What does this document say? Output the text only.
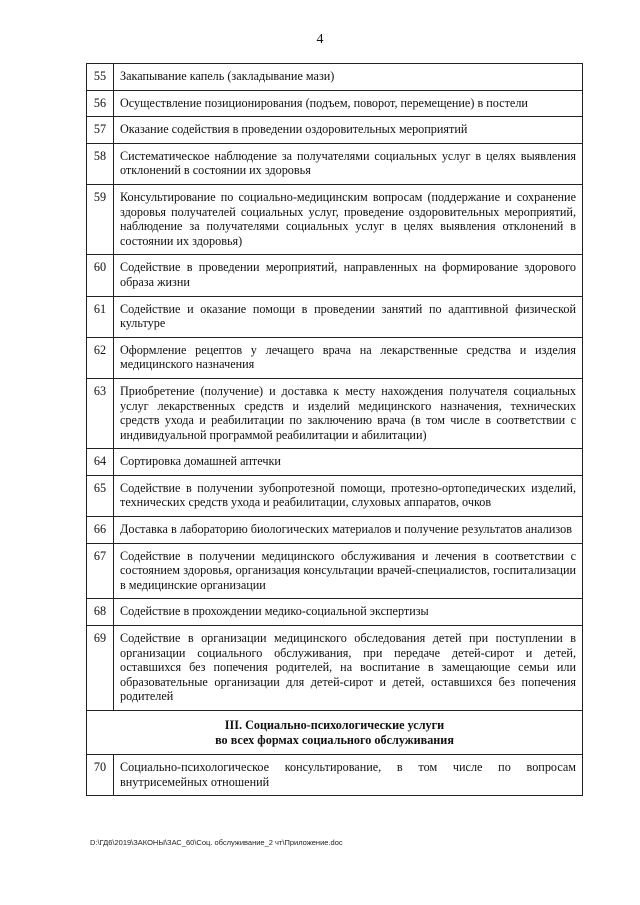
4
55	Закапывание капель (закладывание мази)
56	Осуществление позиционирования (подъем, поворот, перемещение) в постели
57	Оказание содействия в проведении оздоровительных мероприятий
58	Систематическое наблюдение за получателями социальных услуг в целях выявления отклонений в состоянии их здоровья
59	Консультирование по социально-медицинским вопросам (поддержание и сохранение здоровья получателей социальных услуг, проведение оздоровительных мероприятий, наблюдение за получателями социальных услуг в целях выявления отклонений в состоянии их здоровья)
60	Содействие в проведении мероприятий, направленных на формирование здорового образа жизни
61	Содействие и оказание помощи в проведении занятий по адаптивной физической культуре
62	Оформление рецептов у лечащего врача на лекарственные средства и изделия медицинского назначения
63	Приобретение (получение) и доставка к месту нахождения получателя социальных услуг лекарственных средств и изделий медицинского назначения, технических средств ухода и реабилитации по заключению врача (в том числе в соответствии с индивидуальной программой реабилитации и абилитации)
64	Сортировка домашней аптечки
65	Содействие в получении зубопротезной помощи, протезно-ортопедических изделий, технических средств ухода и реабилитации, слуховых аппаратов, очков
66	Доставка в лабораторию биологических материалов и получение результатов анализов
67	Содействие в получении медицинского обслуживания и лечения в соответствии с состоянием здоровья, организация консультации врачей-специалистов, госпитализации в медицинские организации
68	Содействие в прохождении медико-социальной экспертизы
69	Содействие в организации медицинского обследования детей при поступлении в организации социального обслуживания, при передаче детей-сирот и детей, оставшихся без попечения родителей, на воспитание в замещающие семьи или образовательные организации для детей-сирот и детей, оставшихся без попечения родителей

III. Социально-психологические услуги
во всех формах социального обслуживания	

70	Социально-психологическое консультирование, в том числе по вопросам внутрисемейных отношений
D:\ГД6\2019\ЗАКОНЫ\ЗАС_60\Соц. обслуживание_2 чт\Приложение.doc
